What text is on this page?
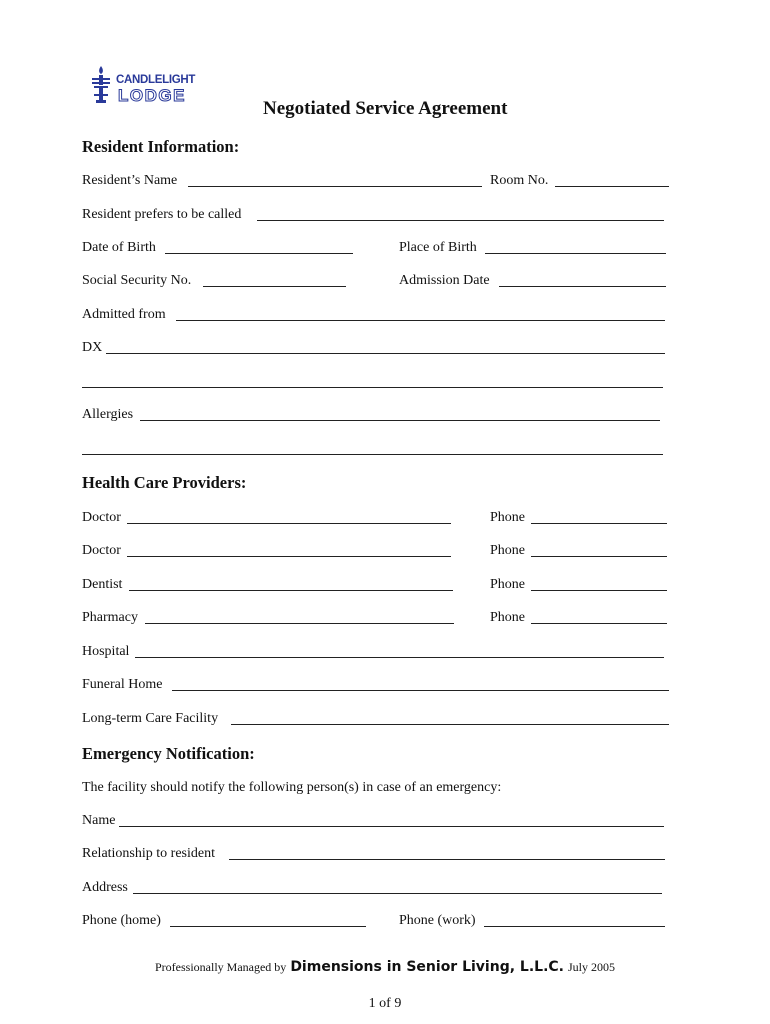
CANDLELIGHT
LODGE
Negotiated Service Agreement
Resident Information:
Resident’s Name	Room No.
Resident prefers to be called
Date of Birth	Place of Birth
Social Security No.	Admission Date
Admitted from
DX
Allergies
Health Care Providers:
Doctor	Phone
Doctor	Phone
Dentist	Phone
Pharmacy	Phone
Hospital
Funeral Home
Long-term Care Facility
Emergency Notification:
The facility should notify the following person(s) in case of an emergency:
Name
Relationship to resident
Address
Phone (home)	Phone (work)
Professionally Managed by Dimensions in Senior Living, L.L.C. July 2005
1 of 9
